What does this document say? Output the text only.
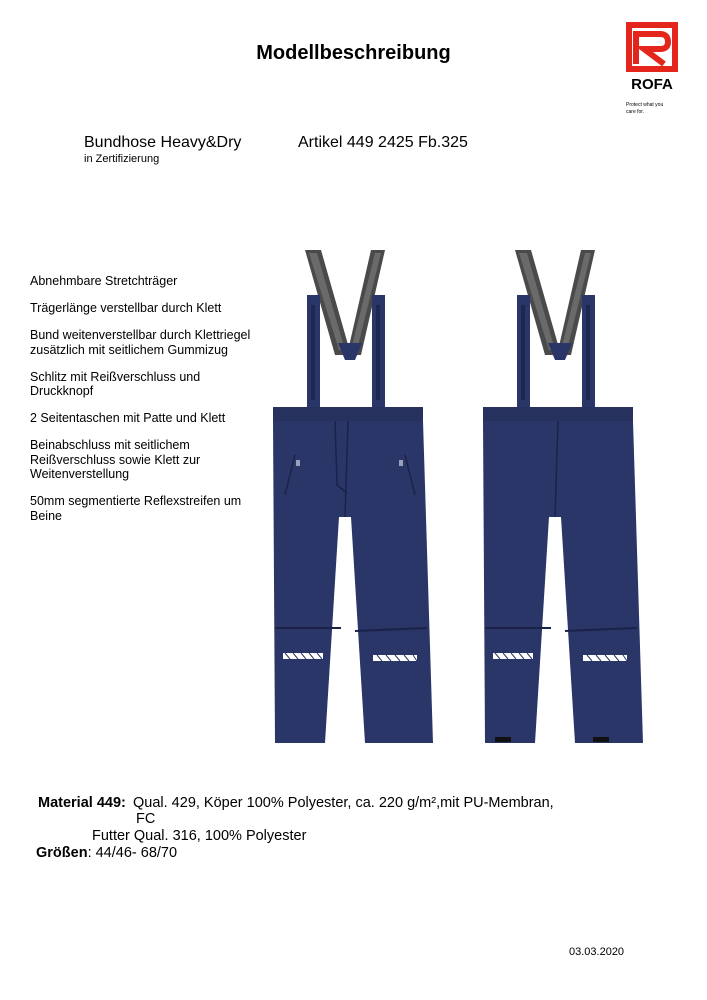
Modellbeschreibung
ROFA
Protect what you
care for.
Bundhose Heavy&Dry
in Zertifizierung
Artikel 449 2425 Fb.325
Abnehmbare Stretchträger
Trägerlänge verstellbar durch Klett
Bund weitenverstellbar durch Klettriegel
zusätzlich mit seitlichem Gummizug
Schlitz mit Reißverschluss und
Druckknopf
2 Seitentaschen mit Patte und Klett
Beinabschluss mit seitlichem
Reißverschluss sowie Klett zur
Weitenverstellung
50mm segmentierte Reflexstreifen um
Beine
Material 449: Qual. 429, Köper 100% Polyester, ca. 220 g/m²,mit PU-Membran,
FC
Futter Qual. 316, 100% Polyester
Größen: 44/46- 68/70
03.03.2020
